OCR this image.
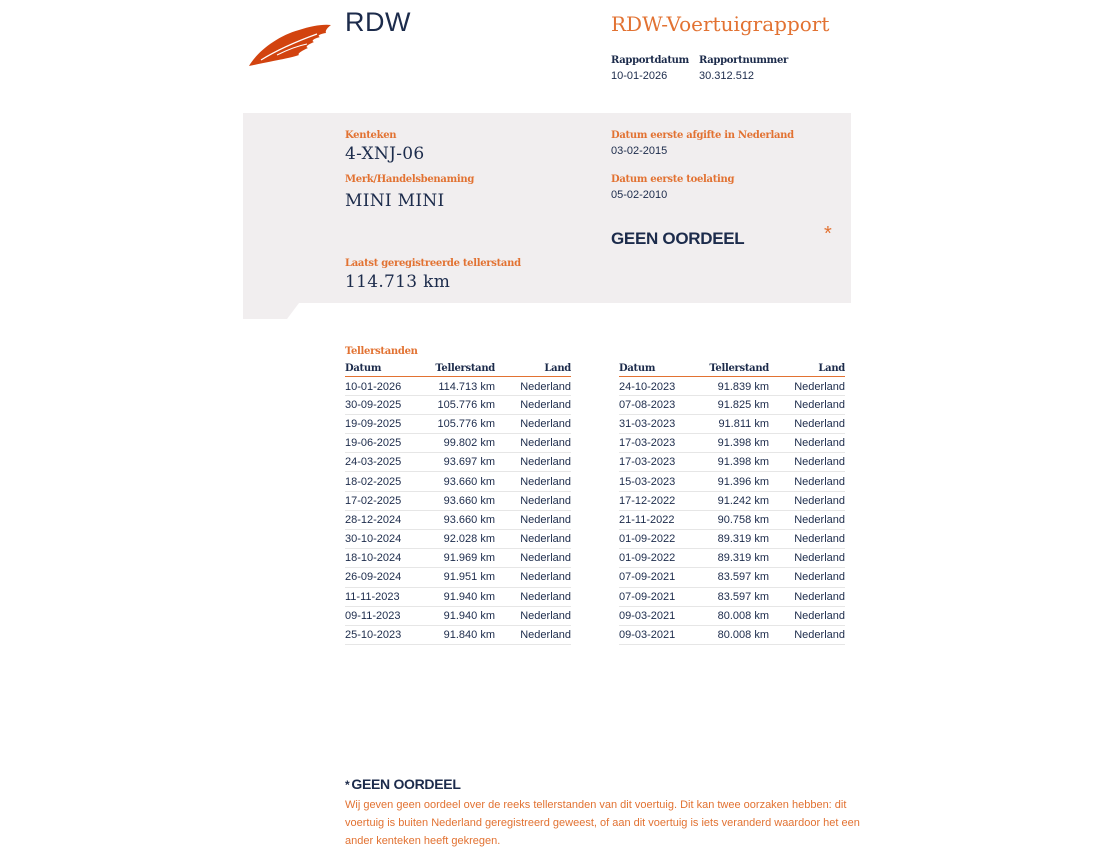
RDW	RDW-Voertuigrapport
Rapportdatum
10-01-2026
Rapportnummer
30.312.512
Kenteken
4-XNJ-06
Merk/Handelsbenaming
MINI MINI
Datum eerste afgifte in Nederland
03-02-2015
Datum eerste toelating
05-02-2010
GEEN OORDEEL	*
Laatst geregistreerde tellerstand
114.713 km
Tellerstanden
Datum	Tellerstand	Land
10-01-2026	114.713 km	Nederland
30-09-2025	105.776 km	Nederland
19-09-2025	105.776 km	Nederland
19-06-2025	99.802 km	Nederland
24-03-2025	93.697 km	Nederland
18-02-2025	93.660 km	Nederland
17-02-2025	93.660 km	Nederland
28-12-2024	93.660 km	Nederland
30-10-2024	92.028 km	Nederland
18-10-2024	91.969 km	Nederland
26-09-2024	91.951 km	Nederland
11-11-2023	91.940 km	Nederland
09-11-2023	91.940 km	Nederland
25-10-2023	91.840 km	Nederland
Datum	Tellerstand	Land
24-10-2023	91.839 km	Nederland
07-08-2023	91.825 km	Nederland
31-03-2023	91.811 km	Nederland
17-03-2023	91.398 km	Nederland
17-03-2023	91.398 km	Nederland
15-03-2023	91.396 km	Nederland
17-12-2022	91.242 km	Nederland
21-11-2022	90.758 km	Nederland
01-09-2022	89.319 km	Nederland
01-09-2022	89.319 km	Nederland
07-09-2021	83.597 km	Nederland
07-09-2021	83.597 km	Nederland
09-03-2021	80.008 km	Nederland
09-03-2021	80.008 km	Nederland
* GEEN OORDEEL
Wij geven geen oordeel over de reeks tellerstanden van dit voertuig. Dit kan twee oorzaken hebben: dit voertuig is buiten Nederland geregistreerd geweest, of aan dit voertuig is iets veranderd waardoor het een ander kenteken heeft gekregen.
